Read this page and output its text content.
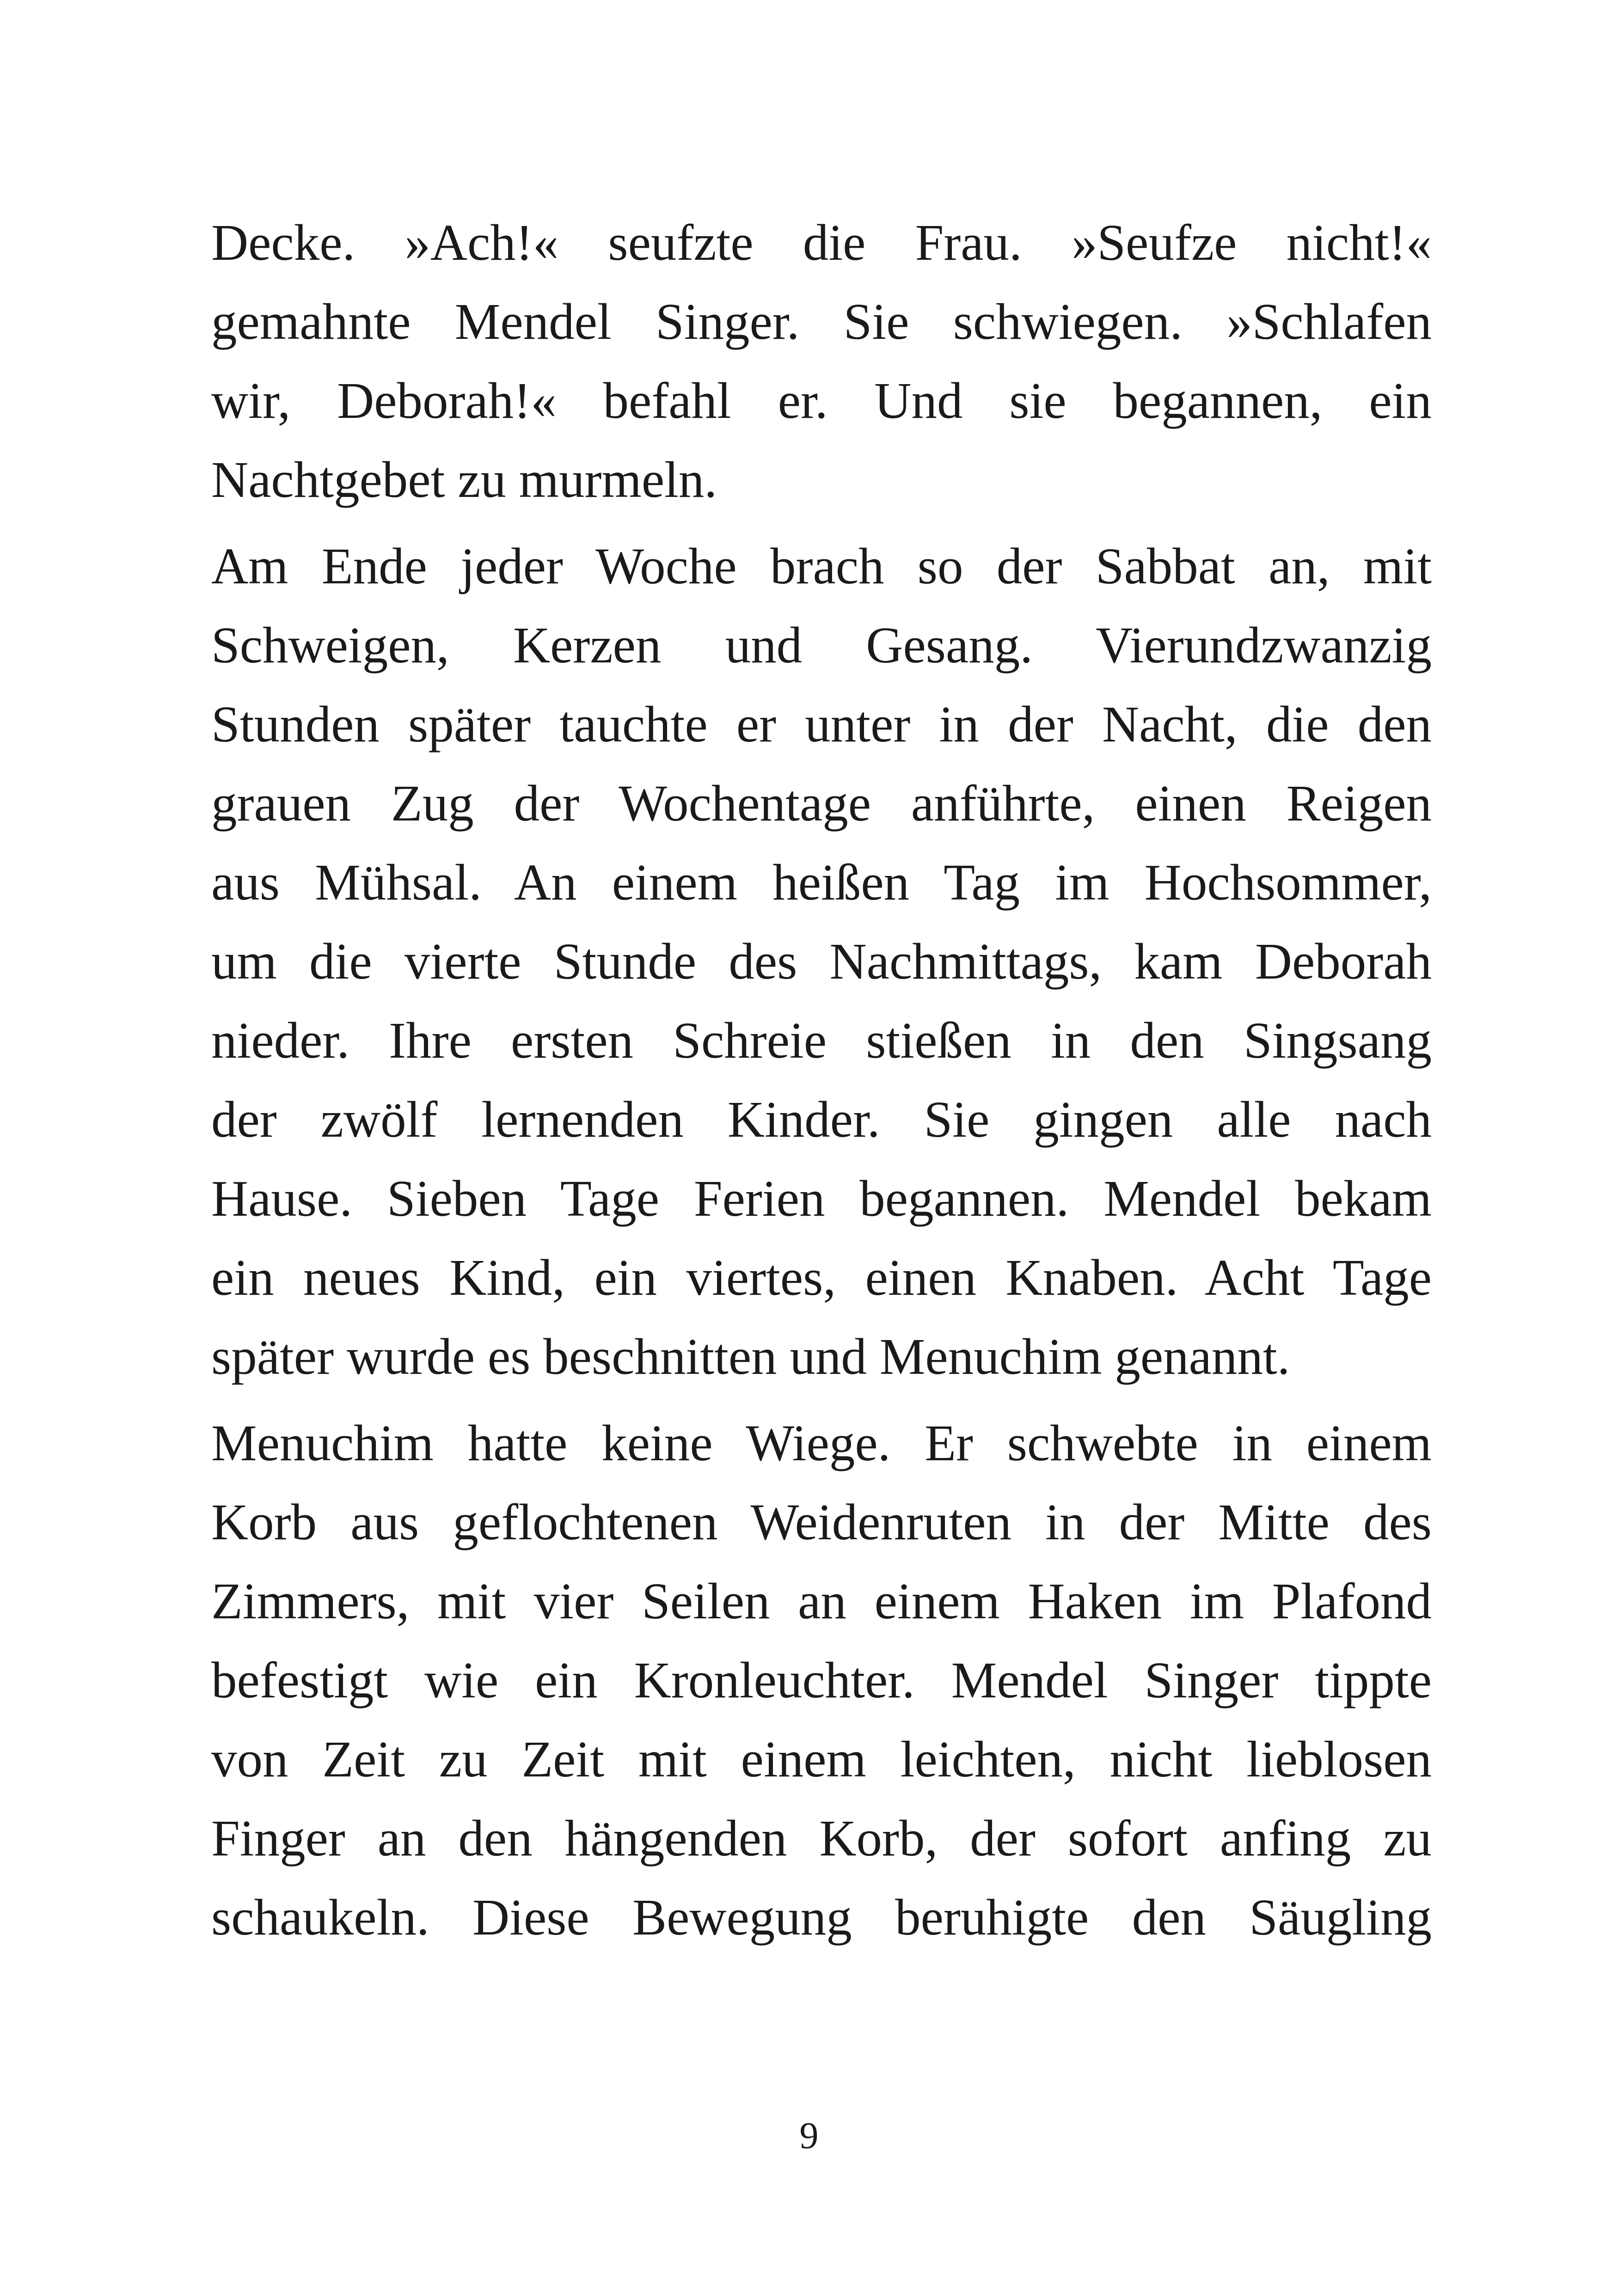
Decke. »Ach!« seufzte die Frau. »Seufze nicht!«
gemahnte Mendel Singer. Sie schwiegen. »Schlafen
wir, Deborah!« befahl er. Und sie begannen, ein
Nachtgebet zu murmeln.

Am Ende jeder Woche brach so der Sabbat an, mit
Schweigen, Kerzen und Gesang. Vierundzwanzig
Stunden später tauchte er unter in der Nacht, die den
grauen Zug der Wochentage anführte, einen Reigen
aus Mühsal. An einem heißen Tag im Hochsommer,
um die vierte Stunde des Nachmittags, kam Deborah
nieder. Ihre ersten Schreie stießen in den Singsang
der zwölf lernenden Kinder. Sie gingen alle nach
Hause. Sieben Tage Ferien begannen. Mendel bekam
ein neues Kind, ein viertes, einen Knaben. Acht Tage
später wurde es beschnitten und Menuchim genannt.

Menuchim hatte keine Wiege. Er schwebte in einem
Korb aus geflochtenen Weidenruten in der Mitte des
Zimmers, mit vier Seilen an einem Haken im Plafond
befestigt wie ein Kronleuchter. Mendel Singer tippte
von Zeit zu Zeit mit einem leichten, nicht lieblosen
Finger an den hängenden Korb, der sofort anfing zu
schaukeln. Diese Bewegung beruhigte den Säugling

9
